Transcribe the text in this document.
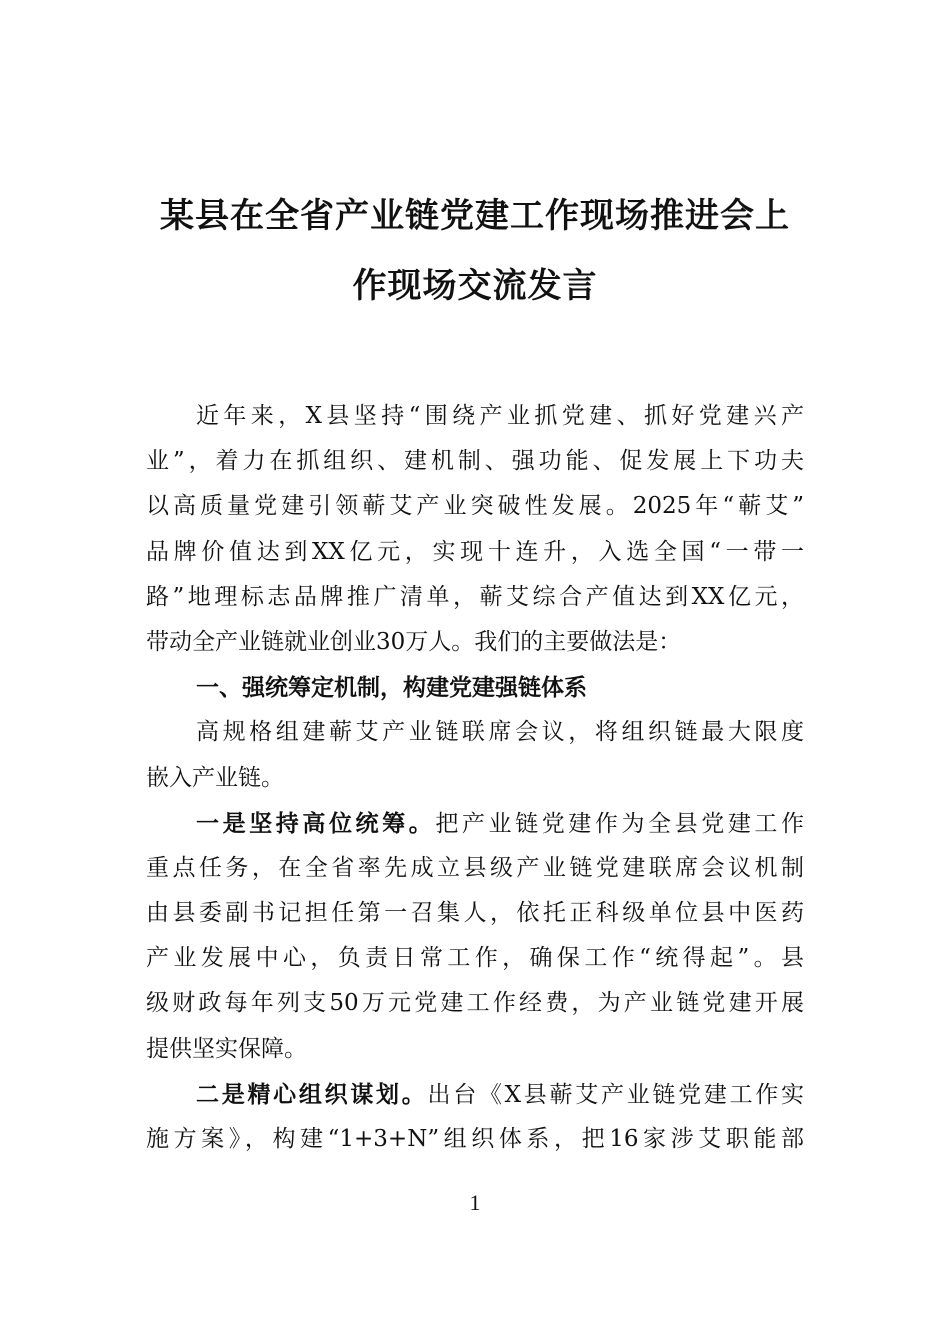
某县在全省产业链党建工作现场推进会上
作现场交流发言
近年来，X县坚持“围绕产业抓党建、抓好党建兴产
业”，着力在抓组织、建机制、强功能、促发展上下功夫
以高质量党建引领蕲艾产业突破性发展。2025年“蕲艾”
品牌价值达到XX亿元，实现十连升，入选全国“一带一
路”地理标志品牌推广清单，蕲艾综合产值达到XX亿元，
带动全产业链就业创业30万人。我们的主要做法是：
一、强统筹定机制，构建党建强链体系
高规格组建蕲艾产业链联席会议，将组织链最大限度
嵌入产业链。
一是坚持高位统筹。把产业链党建作为全县党建工作
重点任务，在全省率先成立县级产业链党建联席会议机制
由县委副书记担任第一召集人，依托正科级单位县中医药
产业发展中心，负责日常工作，确保工作“统得起”。县
级财政每年列支50万元党建工作经费，为产业链党建开展
提供坚实保障。
二是精心组织谋划。出台《X县蕲艾产业链党建工作实
施方案》，构建“1+3+N”组织体系，把16家涉艾职能部
1
